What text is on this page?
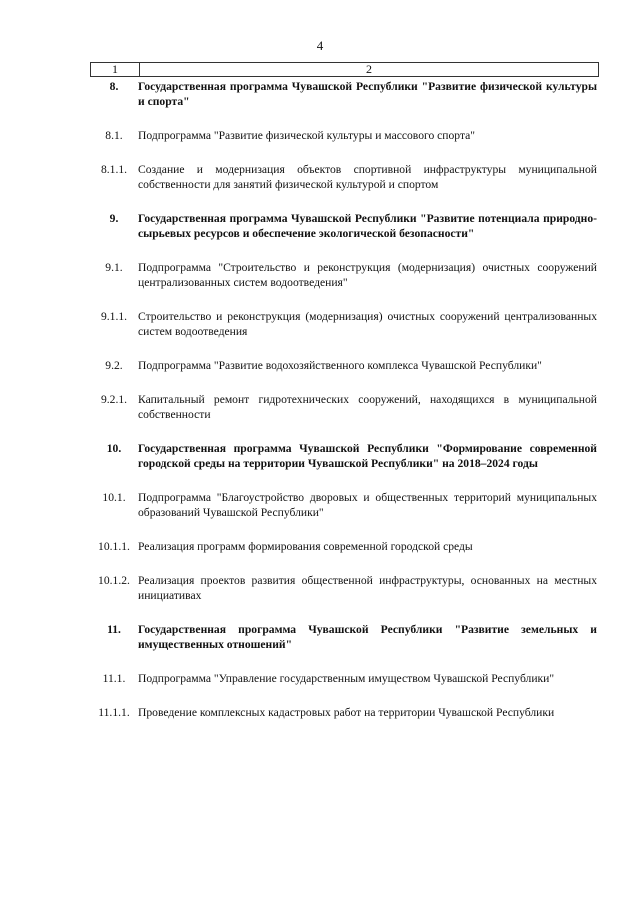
4
1	2
8.	Государственная программа Чувашской Республики "Развитие физической культуры и спорта"
8.1.	Подпрограмма "Развитие физической культуры и массового спорта"
8.1.1. Создание и модернизация объектов спортивной инфраструктуры муниципальной собственности для занятий физической культурой и спортом
9.	Государственная программа Чувашской Республики "Развитие потенциала природно-сырьевых ресурсов и обеспечение экологической безопасности"
9.1.	Подпрограмма "Строительство и реконструкция (модернизация) очистных сооружений централизованных систем водоотведения"
9.1.1. Строительство и реконструкция (модернизация) очистных сооружений централизованных систем водоотведения
9.2.	Подпрограмма "Развитие водохозяйственного комплекса Чувашской Республики"
9.2.1. Капитальный ремонт гидротехнических сооружений, находящихся в муниципальной собственности
10.	Государственная программа Чувашской Республики "Формирование современной городской среды на территории Чувашской Республики" на 2018–2024 годы
10.1.	Подпрограмма "Благоустройство дворовых и общественных территорий муниципальных образований Чувашской Республики"
10.1.1. Реализация программ формирования современной городской среды
10.1.2. Реализация проектов развития общественной инфраструктуры, основанных на местных инициативах
11.	Государственная программа Чувашской Республики "Развитие земельных и имущественных отношений"
11.1.	Подпрограмма "Управление государственным имуществом Чувашской Республики"
11.1.1. Проведение комплексных кадастровых работ на территории Чувашской Республики
